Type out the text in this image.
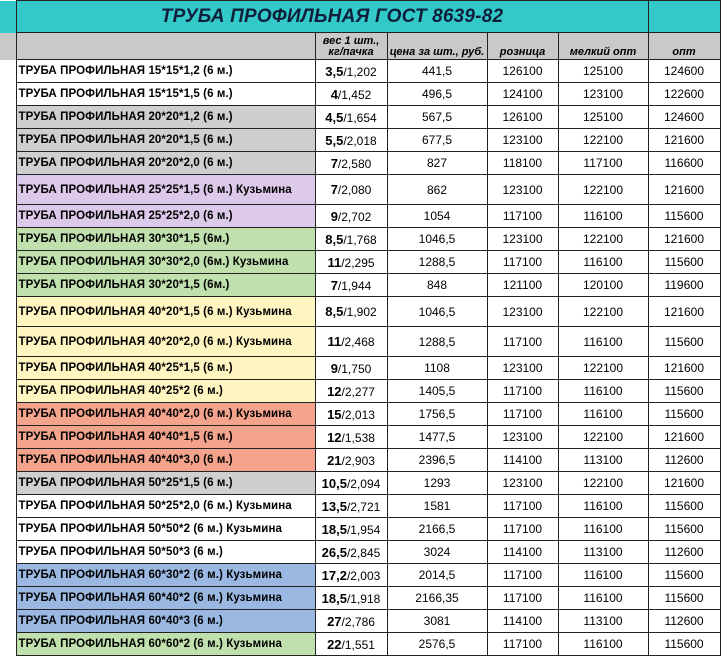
	ТРУБА ПРОФИЛЬНАЯ ГОСТ 8639-82					
		вес 1 шт., кг/пачка	цена за шт., руб.	розница	мелкий опт	опт
	ТРУБА ПРОФИЛЬНАЯ 15*15*1,2 (6 м.)	3,5/1,202	441,5	126100	125100	124600
	ТРУБА ПРОФИЛЬНАЯ 15*15*1,5 (6 м.)	4/1,452	496,5	124100	123100	122600
	ТРУБА ПРОФИЛЬНАЯ 20*20*1,2 (6 м.)	4,5/1,654	567,5	126100	125100	124600
	ТРУБА ПРОФИЛЬНАЯ 20*20*1,5 (6 м.)	5,5/2,018	677,5	123100	122100	121600
	ТРУБА ПРОФИЛЬНАЯ 20*20*2,0 (6 м.)	7/2,580	827	118100	117100	116600
	ТРУБА ПРОФИЛЬНАЯ 25*25*1,5 (6 м.) Кузьмина	7/2,080	862	123100	122100	121600
	ТРУБА ПРОФИЛЬНАЯ 25*25*2,0 (6 м.)	9/2,702	1054	117100	116100	115600
	ТРУБА ПРОФИЛЬНАЯ 30*30*1,5 (6м.)	8,5/1,768	1046,5	123100	122100	121600
	ТРУБА ПРОФИЛЬНАЯ 30*30*2,0 (6м.) Кузьмина	11/2,295	1288,5	117100	116100	115600
	ТРУБА ПРОФИЛЬНАЯ 30*20*1,5 (6м.)	7/1,944	848	121100	120100	119600
	ТРУБА ПРОФИЛЬНАЯ 40*20*1,5 (6 м.) Кузьмина	8,5/1,902	1046,5	123100	122100	121600
	ТРУБА ПРОФИЛЬНАЯ 40*20*2,0 (6 м.) Кузьмина	11/2,468	1288,5	117100	116100	115600
	ТРУБА ПРОФИЛЬНАЯ 40*25*1,5 (6 м.)	9/1,750	1108	123100	122100	121600
	ТРУБА ПРОФИЛЬНАЯ 40*25*2 (6 м.)	12/2,277	1405,5	117100	116100	115600
	ТРУБА ПРОФИЛЬНАЯ 40*40*2,0 (6 м.) Кузьмина	15/2,013	1756,5	117100	116100	115600
	ТРУБА ПРОФИЛЬНАЯ 40*40*1,5 (6 м.)	12/1,538	1477,5	123100	122100	121600
	ТРУБА ПРОФИЛЬНАЯ 40*40*3,0 (6 м.)	21/2,903	2396,5	114100	113100	112600
	ТРУБА ПРОФИЛЬНАЯ 50*25*1,5 (6 м.)	10,5/2,094	1293	123100	122100	121600
	ТРУБА ПРОФИЛЬНАЯ 50*25*2,0 (6 м.) Кузьмина	13,5/2,721	1581	117100	116100	115600
	ТРУБА ПРОФИЛЬНАЯ 50*50*2 (6 м.) Кузьмина	18,5/1,954	2166,5	117100	116100	115600
	ТРУБА ПРОФИЛЬНАЯ 50*50*3 (6 м.)	26,5/2,845	3024	114100	113100	112600
	ТРУБА ПРОФИЛЬНАЯ 60*30*2 (6 м.) Кузьмина	17,2/2,003	2014,5	117100	116100	115600
	ТРУБА ПРОФИЛЬНАЯ 60*40*2 (6 м.) Кузьмина	18,5/1,918	2166,35	117100	116100	115600
	ТРУБА ПРОФИЛЬНАЯ 60*40*3 (6 м.)	27/2,786	3081	114100	113100	112600
	ТРУБА ПРОФИЛЬНАЯ 60*60*2 (6 м.) Кузьмина	22/1,551	2576,5	117100	116100	115600
